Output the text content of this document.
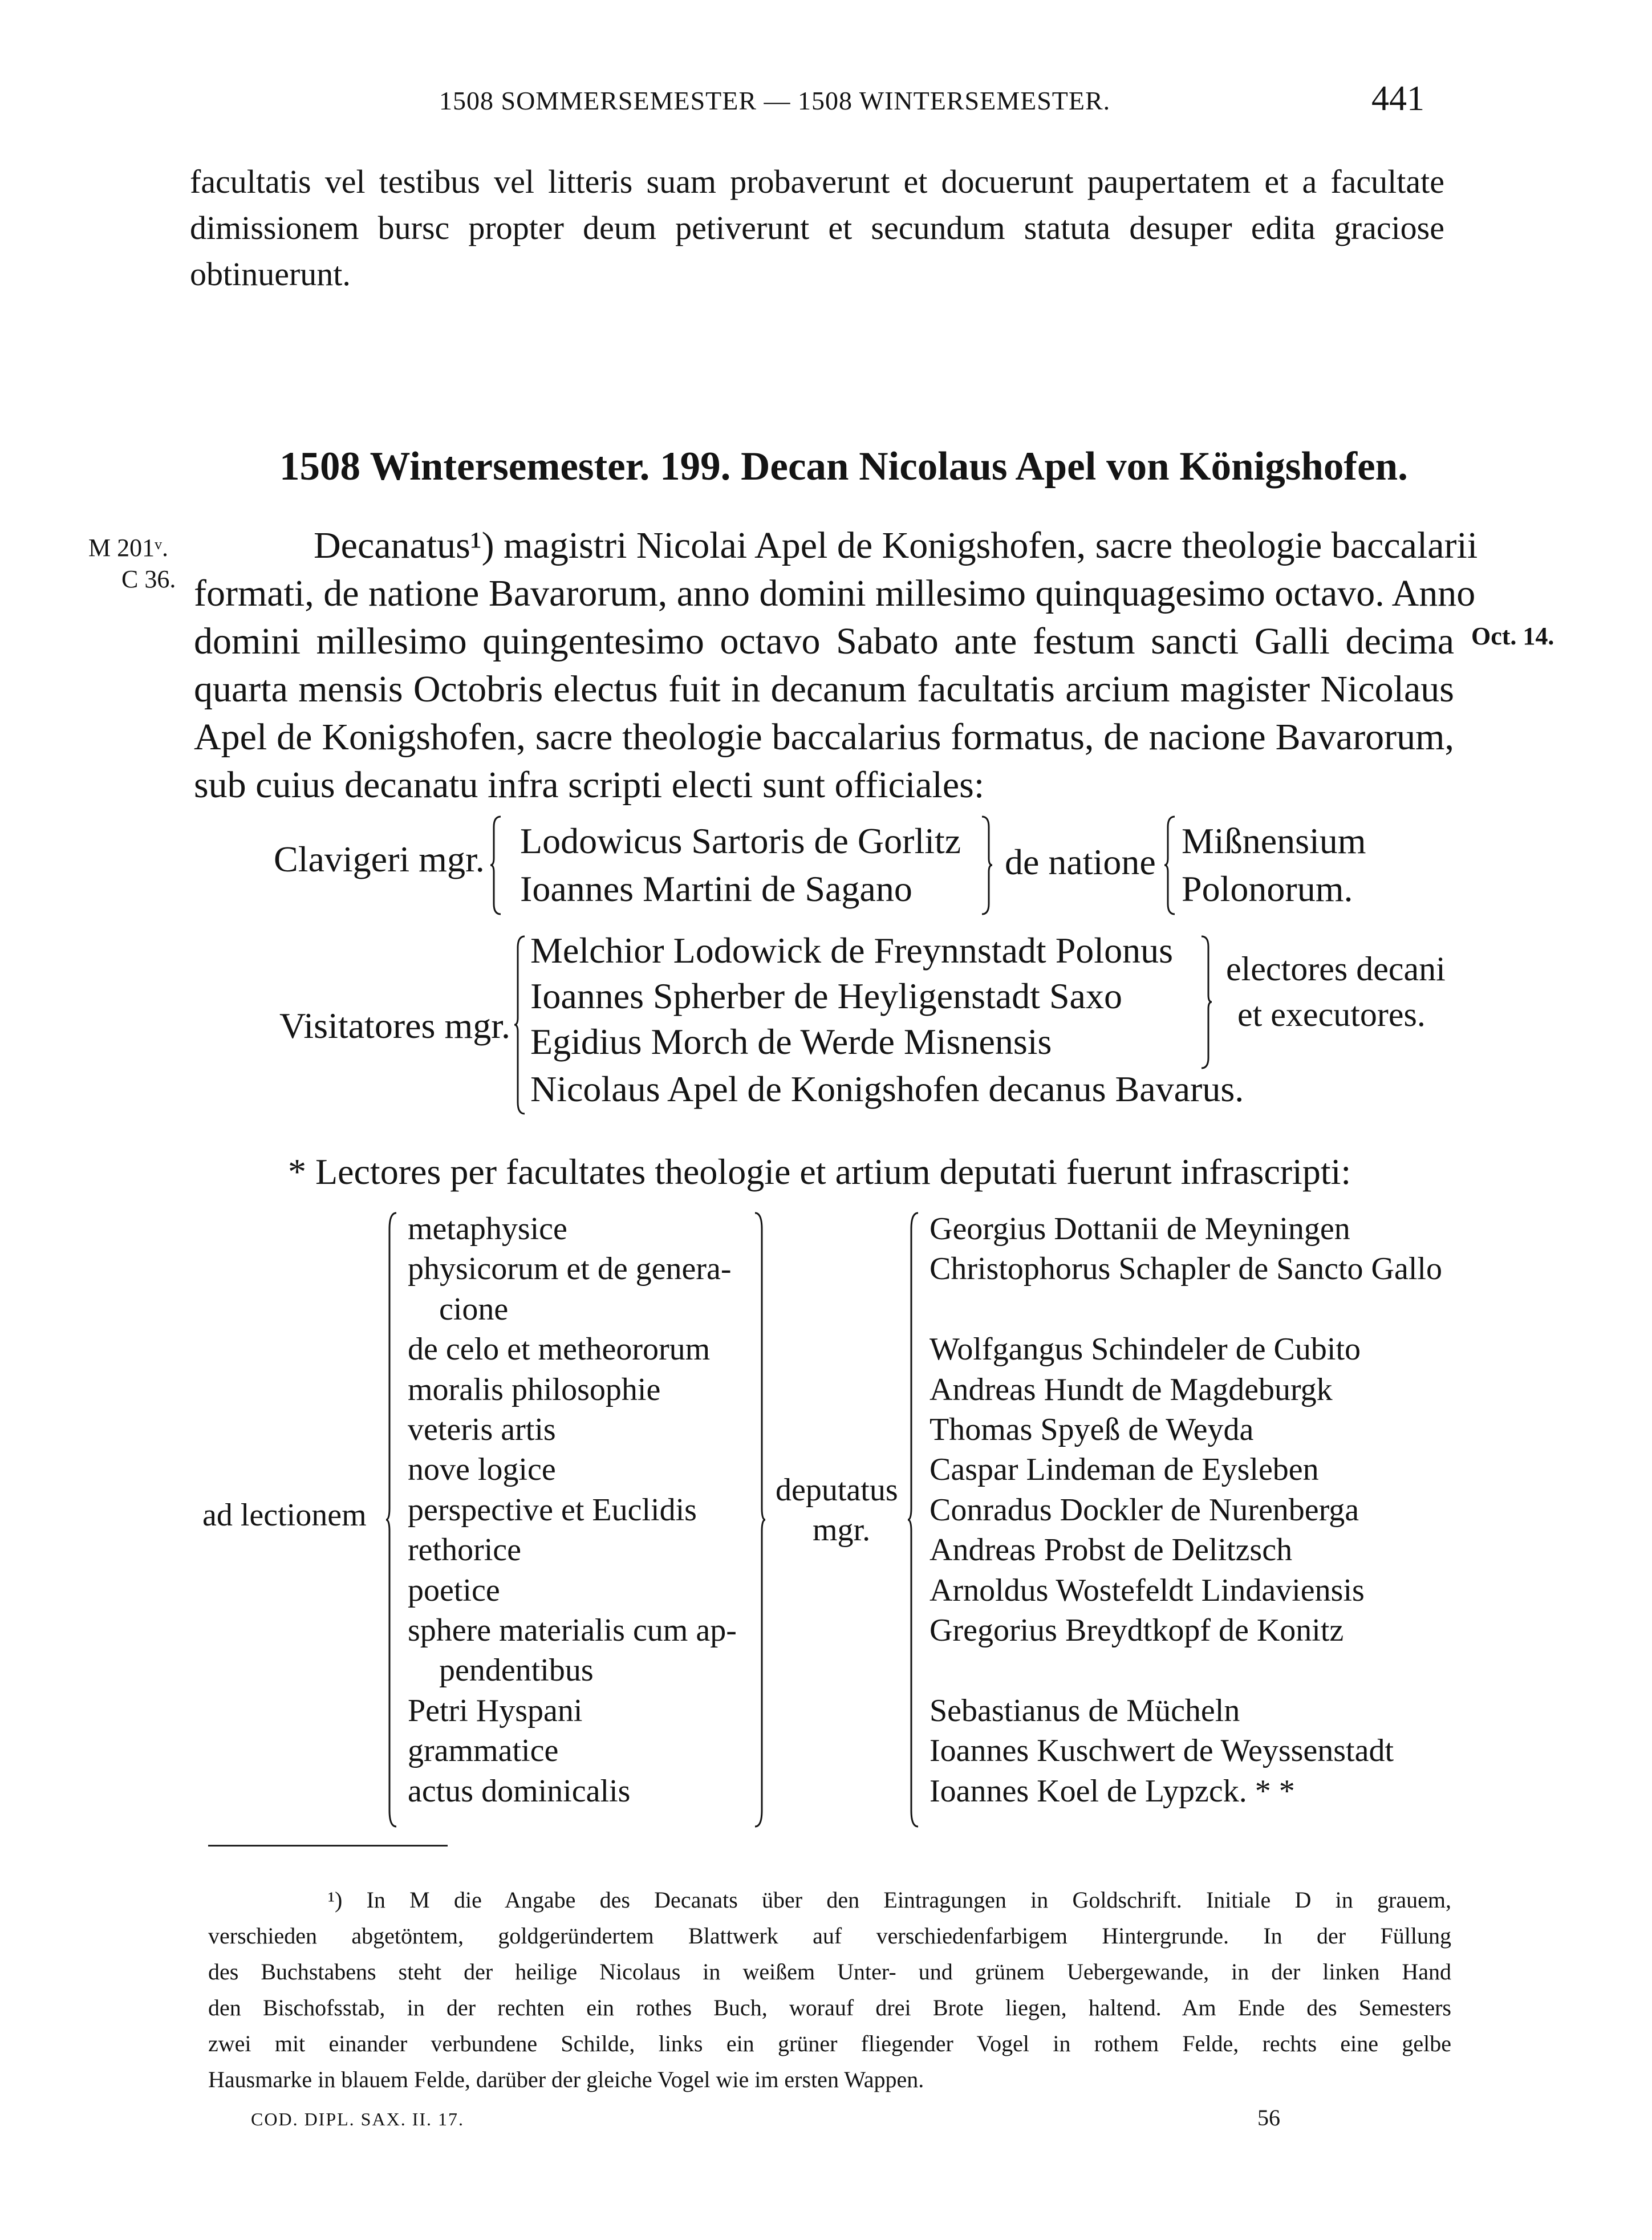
1508 SOMMERSEMESTER — 1508 WINTERSEMESTER.	441
facultatis vel testibus vel litteris suam probaverunt et docuerunt paupertatem et a facultate
dimissionem bursc propter deum petiverunt et secundum statuta desuper edita graciose
obtinuerunt.
1508 Wintersemester. 199. Decan Nicolaus Apel von Königshofen.
M 201ᵛ.
C 36.
Oct. 14.
Decanatus¹) magistri Nicolai Apel de Konigshofen, sacre theologie baccalarii
formati, de natione Bavarorum, anno domini millesimo quinquagesimo octavo. Anno
domini millesimo quingentesimo octavo Sabato ante festum sancti Galli decima
quarta mensis Octobris electus fuit in decanum facultatis arcium magister Nicolaus
Apel de Konigshofen, sacre theologie baccalarius formatus, de nacione Bavarorum,
sub cuius decanatu infra scripti electi sunt officiales:
Clavigeri mgr. Lodowicus Sartoris de Gorlitz
Ioannes Martini de Sagano
de natione
Mißnensium
Polonorum.
Visitatores mgr.
Melchior Lodowick de Freynnstadt Polonus
Ioannes Spherber de Heyligenstadt Saxo
Egidius Morch de Werde Misnensis
Nicolaus Apel de Konigshofen decanus Bavarus.
electores decani
et executores.
* Lectores per facultates theologie et artium deputati fuerunt infrascripti:
ad lectionem
metaphysice
physicorum et de genera-
cione
de celo et metheororum
moralis philosophie
veteris artis
nove logice
perspective et Euclidis
rethorice
poetice
sphere materialis cum ap-
pendentibus
Petri Hyspani
grammatice
actus dominicalis
deputatus
mgr.
Georgius Dottanii de Meyningen
Christophorus Schapler de Sancto Gallo

Wolfgangus Schindeler de Cubito
Andreas Hundt de Magdeburgk
Thomas Spyeß de Weyda
Caspar Lindeman de Eysleben
Conradus Dockler de Nurenberga
Andreas Probst de Delitzsch
Arnoldus Wostefeldt Lindaviensis
Gregorius Breydtkopf de Konitz

Sebastianus de Mücheln
Ioannes Kuschwert de Weyssenstadt
Ioannes Koel de Lypzck. * *
¹) In M die Angabe des Decanats über den Eintragungen in Goldschrift. Initiale D in grauem,
verschieden abgetöntem, goldgeründertem Blattwerk auf verschiedenfarbigem Hintergrunde. In der Füllung
des Buchstabens steht der heilige Nicolaus in weißem Unter- und grünem Uebergewande, in der linken Hand
den Bischofsstab, in der rechten ein rothes Buch, worauf drei Brote liegen, haltend. Am Ende des Semesters
zwei mit einander verbundene Schilde, links ein grüner fliegender Vogel in rothem Felde, rechts eine gelbe
Hausmarke in blauem Felde, darüber der gleiche Vogel wie im ersten Wappen.
COD. DIPL. SAX. II. 17.	56
